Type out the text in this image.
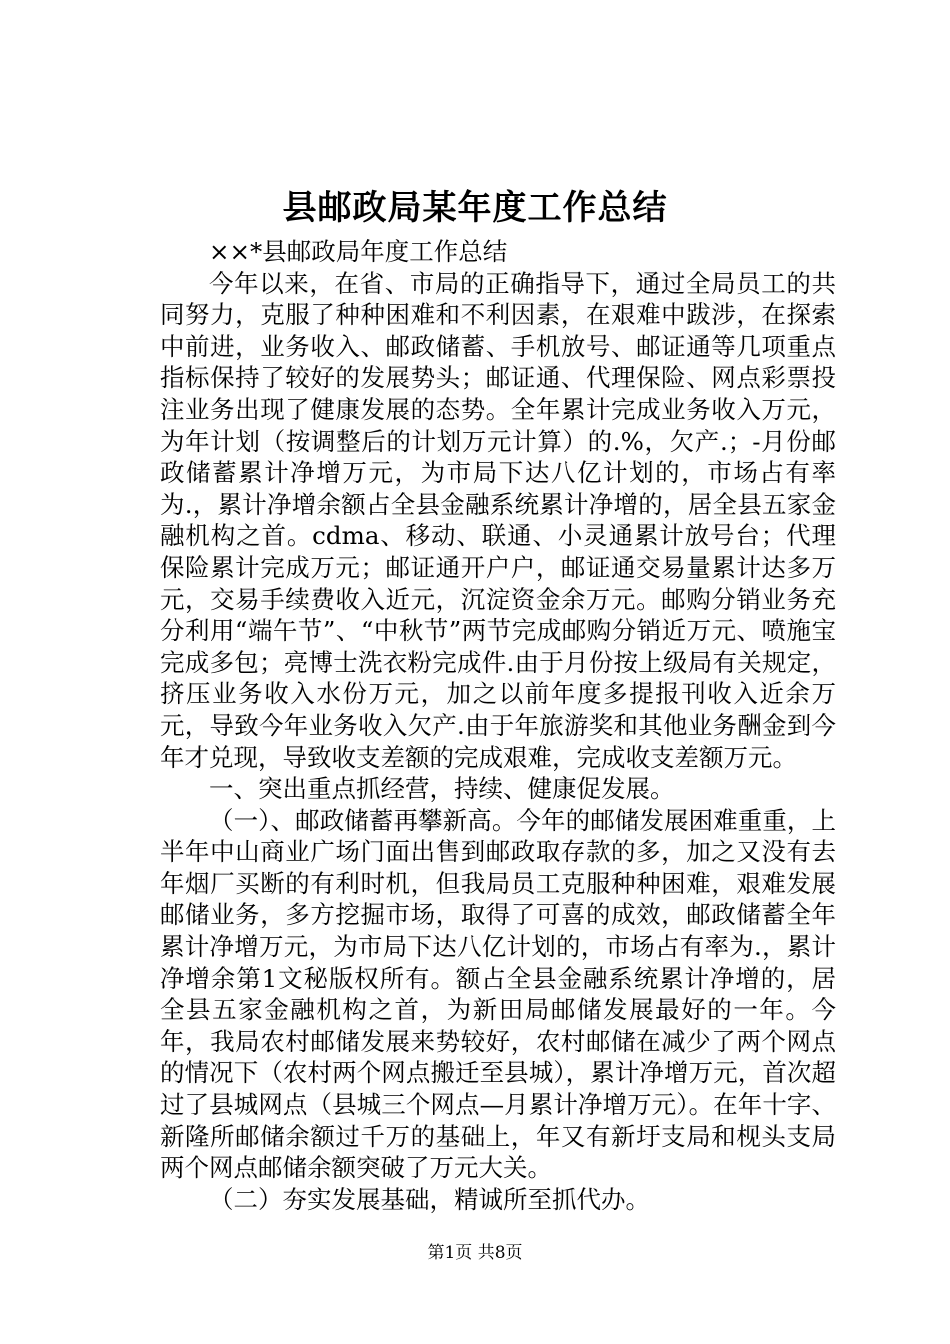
县邮政局某年度工作总结

××*县邮政局年度工作总结

今年以来，在省、市局的正确指导下，通过全局员工的共同努力，克服了种种困难和不利因素，在艰难中跋涉，在探索中前进，业务收入、邮政储蓄、手机放号、邮证通等几项重点指标保持了较好的发展势头；邮证通、代理保险、网点彩票投注业务出现了健康发展的态势。全年累计完成业务收入万元，为年计划（按调整后的计划万元计算）的.%，欠产.；-月份邮政储蓄累计净增万元，为市局下达八亿计划的，市场占有率为.，累计净增余额占全县金融系统累计净增的，居全县五家金融机构之首。cdma、移动、联通、小灵通累计放号台；代理保险累计完成万元；邮证通开户户，邮证通交易量累计达多万元，交易手续费收入近元，沉淀资金余万元。邮购分销业务充分利用“端午节”、“中秋节”两节完成邮购分销近万元、喷施宝完成多包；亮博士洗衣粉完成件.由于月份按上级局有关规定，挤压业务收入水份万元，加之以前年度多提报刊收入近余万元，导致今年业务收入欠产.由于年旅游奖和其他业务酬金到今年才兑现，导致收支差额的完成艰难，完成收支差额万元。

一、突出重点抓经营，持续、健康促发展。

（一）、邮政储蓄再攀新高。今年的邮储发展困难重重，上半年中山商业广场门面出售到邮政取存款的多，加之又没有去年烟厂买断的有利时机，但我局员工克服种种困难，艰难发展邮储业务，多方挖掘市场，取得了可喜的成效，邮政储蓄全年累计净增万元，为市局下达八亿计划的，市场占有率为.，累计净增余第1文秘版权所有。额占全县金融系统累计净增的，居全县五家金融机构之首，为新田局邮储发展最好的一年。今年，我局农村邮储发展来势较好，农村邮储在减少了两个网点的情况下（农村两个网点搬迁至县城），累计净增万元，首次超过了县城网点（县城三个网点—月累计净增万元）。在年十字、新隆所邮储余额过千万的基础上，年又有新圩支局和枧头支局两个网点邮储余额突破了万元大关。

（二）夯实发展基础，精诚所至抓代办。

第1页 共8页
